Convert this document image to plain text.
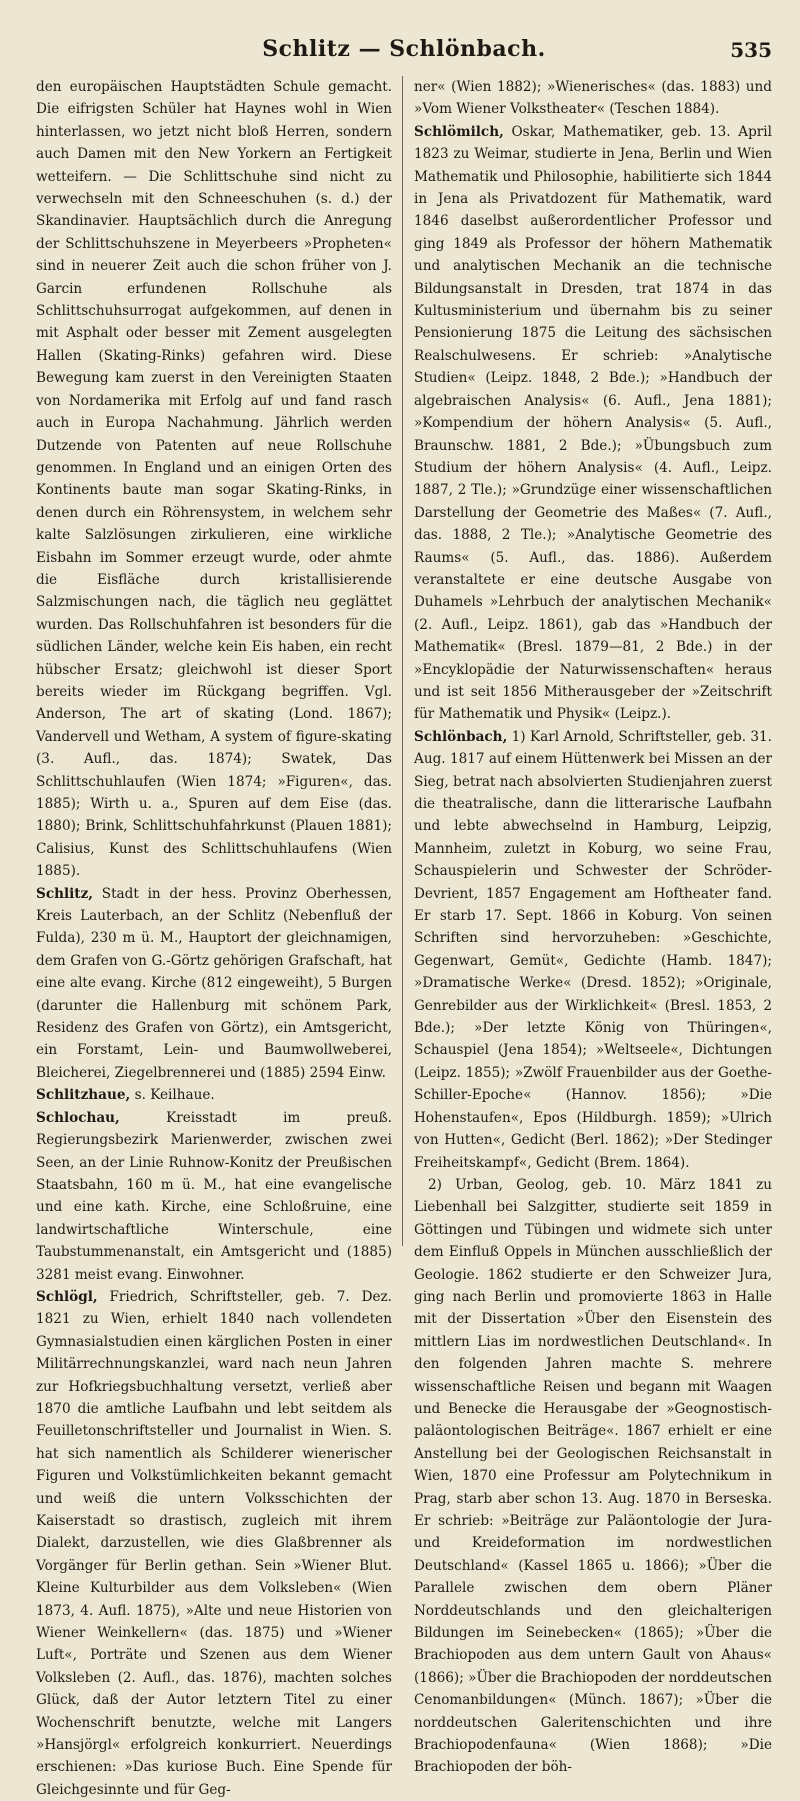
Schlitz — Schlönbach.	535

den europäischen Hauptstädten Schule gemacht. Die eifrigsten Schüler hat Haynes wohl in Wien hinterlassen, wo jetzt nicht bloß Herren, sondern auch Damen mit den New Yorkern an Fertigkeit wetteifern. — Die Schlittschuhe sind nicht zu verwechseln mit den Schneeschuhen (s. d.) der Skandinavier. Hauptsächlich durch die Anregung der Schlittschuhszene in Meyerbeers »Propheten« sind in neuerer Zeit auch die schon früher von J. Garcin erfundenen Rollschuhe als Schlittschuhsurrogat aufgekommen, auf denen in mit Asphalt oder besser mit Zement ausgelegten Hallen (Skating-Rinks) gefahren wird. Diese Bewegung kam zuerst in den Vereinigten Staaten von Nordamerika mit Erfolg auf und fand rasch auch in Europa Nachahmung. Jährlich werden Dutzende von Patenten auf neue Rollschuhe genommen. In England und an einigen Orten des Kontinents baute man sogar Skating-Rinks, in denen durch ein Röhrensystem, in welchem sehr kalte Salzlösungen zirkulieren, eine wirkliche Eisbahn im Sommer erzeugt wurde, oder ahmte die Eisfläche durch kristallisierende Salzmischungen nach, die täglich neu geglättet wurden. Das Rollschuhfahren ist besonders für die südlichen Länder, welche kein Eis haben, ein recht hübscher Ersatz; gleichwohl ist dieser Sport bereits wieder im Rückgang begriffen. Vgl. Anderson, The art of skating (Lond. 1867); Vandervell und Wetham, A system of figure-skating (3. Aufl., das. 1874); Swatek, Das Schlittschuhlaufen (Wien 1874; »Figuren«, das. 1885); Wirth u. a., Spuren auf dem Eise (das. 1880); Brink, Schlittschuhfahrkunst (Plauen 1881); Calisius, Kunst des Schlittschuhlaufens (Wien 1885).

Schlitz, Stadt in der hess. Provinz Oberhessen, Kreis Lauterbach, an der Schlitz (Nebenfluß der Fulda), 230 m ü. M., Hauptort der gleichnamigen, dem Grafen von G.-Görtz gehörigen Grafschaft, hat eine alte evang. Kirche (812 eingeweiht), 5 Burgen (darunter die Hallenburg mit schönem Park, Residenz des Grafen von Görtz), ein Amtsgericht, ein Forstamt, Lein- und Baumwollweberei, Bleicherei, Ziegelbrennerei und (1885) 2594 Einw.

Schlitzhaue, s. Keilhaue.

Schlochau, Kreisstadt im preuß. Regierungsbezirk Marienwerder, zwischen zwei Seen, an der Linie Ruhnow-Konitz der Preußischen Staatsbahn, 160 m ü. M., hat eine evangelische und eine kath. Kirche, eine Schloßruine, eine landwirtschaftliche Winterschule, eine Taubstummenanstalt, ein Amtsgericht und (1885) 3281 meist evang. Einwohner.

Schlögl, Friedrich, Schriftsteller, geb. 7. Dez. 1821 zu Wien, erhielt 1840 nach vollendeten Gymnasialstudien einen kärglichen Posten in einer Militärrechnungskanzlei, ward nach neun Jahren zur Hofkriegsbuchhaltung versetzt, verließ aber 1870 die amtliche Laufbahn und lebt seitdem als Feuilletonschriftsteller und Journalist in Wien. S. hat sich namentlich als Schilderer wienerischer Figuren und Volkstümlichkeiten bekannt gemacht und weiß die untern Volksschichten der Kaiserstadt so drastisch, zugleich mit ihrem Dialekt, darzustellen, wie dies Glaßbrenner als Vorgänger für Berlin gethan. Sein »Wiener Blut. Kleine Kulturbilder aus dem Volksleben« (Wien 1873, 4. Aufl. 1875), »Alte und neue Historien von Wiener Weinkellern« (das. 1875) und »Wiener Luft«, Porträte und Szenen aus dem Wiener Volksleben (2. Aufl., das. 1876), machten solches Glück, daß der Autor letztern Titel zu einer Wochenschrift benutzte, welche mit Langers »Hansjörgl« erfolgreich konkurriert. Neuerdings erschienen: »Das kuriose Buch. Eine Spende für Gleichgesinnte und für Geg-

ner« (Wien 1882); »Wienerisches« (das. 1883) und »Vom Wiener Volkstheater« (Teschen 1884).

Schlömilch, Oskar, Mathematiker, geb. 13. April 1823 zu Weimar, studierte in Jena, Berlin und Wien Mathematik und Philosophie, habilitierte sich 1844 in Jena als Privatdozent für Mathematik, ward 1846 daselbst außerordentlicher Professor und ging 1849 als Professor der höhern Mathematik und analytischen Mechanik an die technische Bildungsanstalt in Dresden, trat 1874 in das Kultusministerium und übernahm bis zu seiner Pensionierung 1875 die Leitung des sächsischen Realschulwesens. Er schrieb: »Analytische Studien« (Leipz. 1848, 2 Bde.); »Handbuch der algebraischen Analysis« (6. Aufl., Jena 1881); »Kompendium der höhern Analysis« (5. Aufl., Braunschw. 1881, 2 Bde.); »Übungsbuch zum Studium der höhern Analysis« (4. Aufl., Leipz. 1887, 2 Tle.); »Grundzüge einer wissenschaftlichen Darstellung der Geometrie des Maßes« (7. Aufl., das. 1888, 2 Tle.); »Analytische Geometrie des Raums« (5. Aufl., das. 1886). Außerdem veranstaltete er eine deutsche Ausgabe von Duhamels »Lehrbuch der analytischen Mechanik« (2. Aufl., Leipz. 1861), gab das »Handbuch der Mathematik« (Bresl. 1879—81, 2 Bde.) in der »Encyklopädie der Naturwissenschaften« heraus und ist seit 1856 Mitherausgeber der »Zeitschrift für Mathematik und Physik« (Leipz.).

Schlönbach, 1) Karl Arnold, Schriftsteller, geb. 31. Aug. 1817 auf einem Hüttenwerk bei Missen an der Sieg, betrat nach absolvierten Studienjahren zuerst die theatralische, dann die litterarische Laufbahn und lebte abwechselnd in Hamburg, Leipzig, Mannheim, zuletzt in Koburg, wo seine Frau, Schauspielerin und Schwester der Schröder-Devrient, 1857 Engagement am Hoftheater fand. Er starb 17. Sept. 1866 in Koburg. Von seinen Schriften sind hervorzuheben: »Geschichte, Gegenwart, Gemüt«, Gedichte (Hamb. 1847); »Dramatische Werke« (Dresd. 1852); »Originale, Genrebilder aus der Wirklichkeit« (Bresl. 1853, 2 Bde.); »Der letzte König von Thüringen«, Schauspiel (Jena 1854); »Weltseele«, Dichtungen (Leipz. 1855); »Zwölf Frauenbilder aus der Goethe-Schiller-Epoche« (Hannov. 1856); »Die Hohenstaufen«, Epos (Hildburgh. 1859); »Ulrich von Hutten«, Gedicht (Berl. 1862); »Der Stedinger Freiheitskampf«, Gedicht (Brem. 1864).

2) Urban, Geolog, geb. 10. März 1841 zu Liebenhall bei Salzgitter, studierte seit 1859 in Göttingen und Tübingen und widmete sich unter dem Einfluß Oppels in München ausschließlich der Geologie. 1862 studierte er den Schweizer Jura, ging nach Berlin und promovierte 1863 in Halle mit der Dissertation »Über den Eisenstein des mittlern Lias im nordwestlichen Deutschland«. In den folgenden Jahren machte S. mehrere wissenschaftliche Reisen und begann mit Waagen und Benecke die Herausgabe der »Geognostisch-paläontologischen Beiträge«. 1867 erhielt er eine Anstellung bei der Geologischen Reichsanstalt in Wien, 1870 eine Professur am Polytechnikum in Prag, starb aber schon 13. Aug. 1870 in Berseska. Er schrieb: »Beiträge zur Paläontologie der Jura- und Kreideformation im nordwestlichen Deutschland« (Kassel 1865 u. 1866); »Über die Parallele zwischen dem obern Pläner Norddeutschlands und den gleichalterigen Bildungen im Seinebecken« (1865); »Über die Brachiopoden aus dem untern Gault von Ahaus« (1866); »Über die Brachiopoden der norddeutschen Cenomanbildungen« (Münch. 1867); »Über die norddeutschen Galeritenschichten und ihre Brachiopodenfauna« (Wien 1868); »Die Brachiopoden der böh-
